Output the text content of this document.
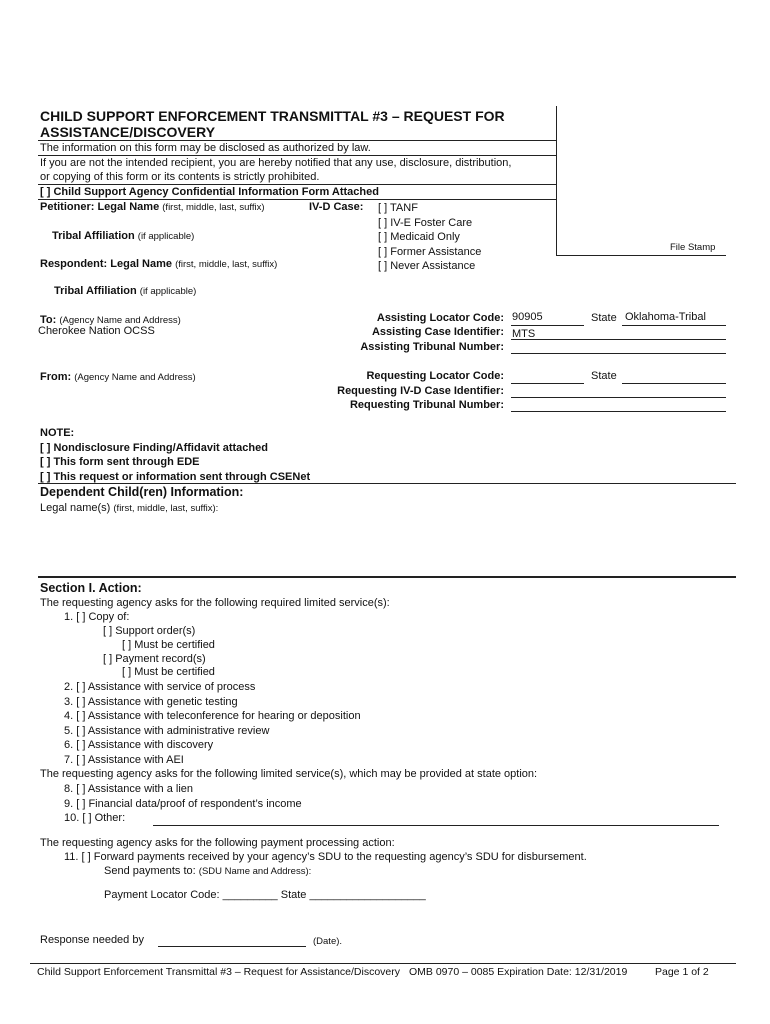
CHILD SUPPORT ENFORCEMENT TRANSMITTAL #3 – REQUEST FOR
ASSISTANCE/DISCOVERY
The information on this form may be disclosed as authorized by law.
If you are not the intended recipient, you are hereby notified that any use, disclosure, distribution,
or copying of this form or its contents is strictly prohibited.
[ ] Child Support Agency Confidential Information Form Attached
Petitioner: Legal Name (first, middle, last, suffix)
Tribal Affiliation (if applicable)
Respondent: Legal Name (first, middle, last, suffix)
Tribal Affiliation (if applicable)
IV-D Case: [ ] TANF
[ ] IV-E Foster Care
[ ] Medicaid Only
[ ] Former Assistance
[ ] Never Assistance
File Stamp
To: (Agency Name and Address)
Cherokee Nation OCSS
Assisting Locator Code: 90905	State Oklahoma-Tribal
Assisting Case Identifier: MTS
Assisting Tribunal Number:
From: (Agency Name and Address)	Requesting Locator Code:	State
Requesting IV-D Case Identifier:
Requesting Tribunal Number:
NOTE:
[ ] Nondisclosure Finding/Affidavit attached
[ ] This form sent through EDE
[ ] This request or information sent through CSENet
Dependent Child(ren) Information:
Legal name(s) (first, middle, last, suffix):
Section I. Action:
The requesting agency asks for the following required limited service(s):
1. [ ] Copy of:
[ ] Support order(s)
[ ] Must be certified
[ ] Payment record(s)
[ ] Must be certified
2. [ ] Assistance with service of process
3. [ ] Assistance with genetic testing
4. [ ] Assistance with teleconference for hearing or deposition
5. [ ] Assistance with administrative review
6. [ ] Assistance with discovery
7. [ ] Assistance with AEI
The requesting agency asks for the following limited service(s), which may be provided at state option:
8. [ ] Assistance with a lien
9. [ ] Financial data/proof of respondent’s income
10. [ ] Other:
The requesting agency asks for the following payment processing action:
11. [ ] Forward payments received by your agency’s SDU to the requesting agency’s SDU for disbursement.
Send payments to: (SDU Name and Address):
Payment Locator Code: _________ State ___________________
Response needed by	(Date).
Child Support Enforcement Transmittal #3 – Request for Assistance/Discovery OMB 0970 – 0085 Expiration Date: 12/31/2019	Page 1 of 2
